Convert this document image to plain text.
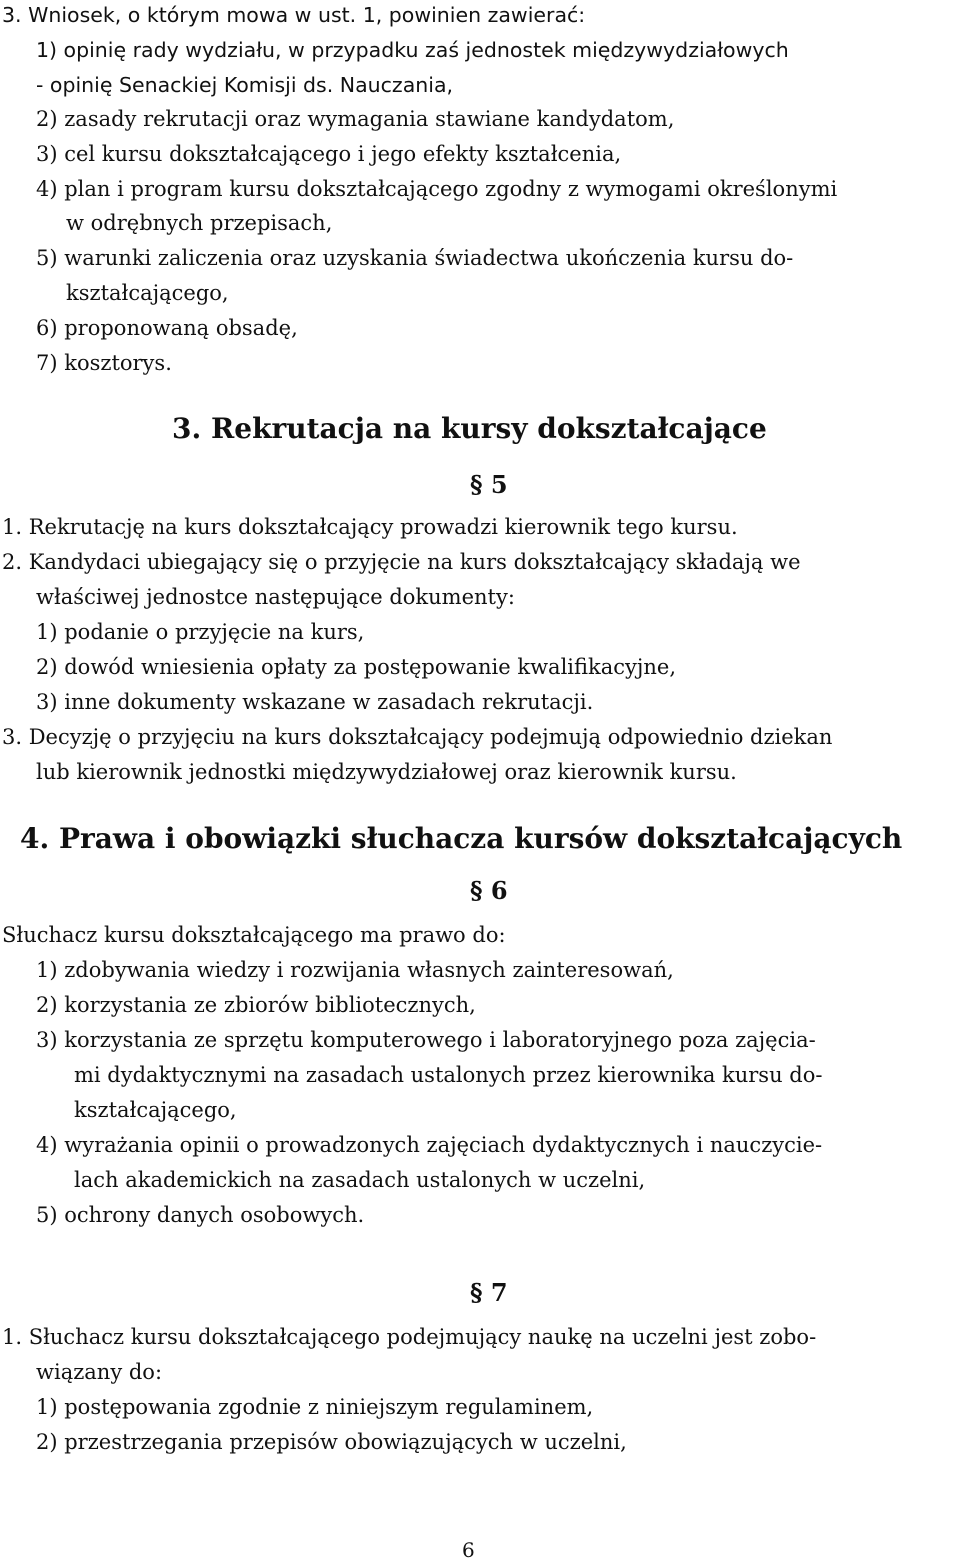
3. Wniosek, o którym mowa w ust. 1, powinien zawierać:
1) opinię rady wydziału, w przypadku zaś jednostek międzywydziałowych
- opinię Senackiej Komisji ds. Nauczania,
2) zasady rekrutacji oraz wymagania stawiane kandydatom,
3) cel kursu dokształcającego i jego efekty kształcenia,
4) plan i program kursu dokształcającego zgodny z wymogami określonymi
w odrębnych przepisach,
5) warunki zaliczenia oraz uzyskania świadectwa ukończenia kursu do-
kształcającego,
6) proponowaną obsadę,
7) kosztorys.
3. Rekrutacja na kursy dokształcające
§ 5
1. Rekrutację na kurs dokształcający prowadzi kierownik tego kursu.
2. Kandydaci ubiegający się o przyjęcie na kurs dokształcający składają we
właściwej jednostce następujące dokumenty:
1) podanie o przyjęcie na kurs,
2) dowód wniesienia opłaty za postępowanie kwalifikacyjne,
3) inne dokumenty wskazane w zasadach rekrutacji.
3. Decyzję o przyjęciu na kurs dokształcający podejmują odpowiednio dziekan
lub kierownik jednostki międzywydziałowej oraz kierownik kursu.
4. Prawa i obowiązki słuchacza kursów dokształcających
§ 6
Słuchacz kursu dokształcającego ma prawo do:
1) zdobywania wiedzy i rozwijania własnych zainteresowań,
2) korzystania ze zbiorów bibliotecznych,
3) korzystania ze sprzętu komputerowego i laboratoryjnego poza zajęcia-
mi dydaktycznymi na zasadach ustalonych przez kierownika kursu do-
kształcającego,
4) wyrażania opinii o prowadzonych zajęciach dydaktycznych i nauczycie-
lach akademickich na zasadach ustalonych w uczelni,
5) ochrony danych osobowych.
§ 7
1. Słuchacz kursu dokształcającego podejmujący naukę na uczelni jest zobo-
wiązany do:
1) postępowania zgodnie z niniejszym regulaminem,
2) przestrzegania przepisów obowiązujących w uczelni,
6
